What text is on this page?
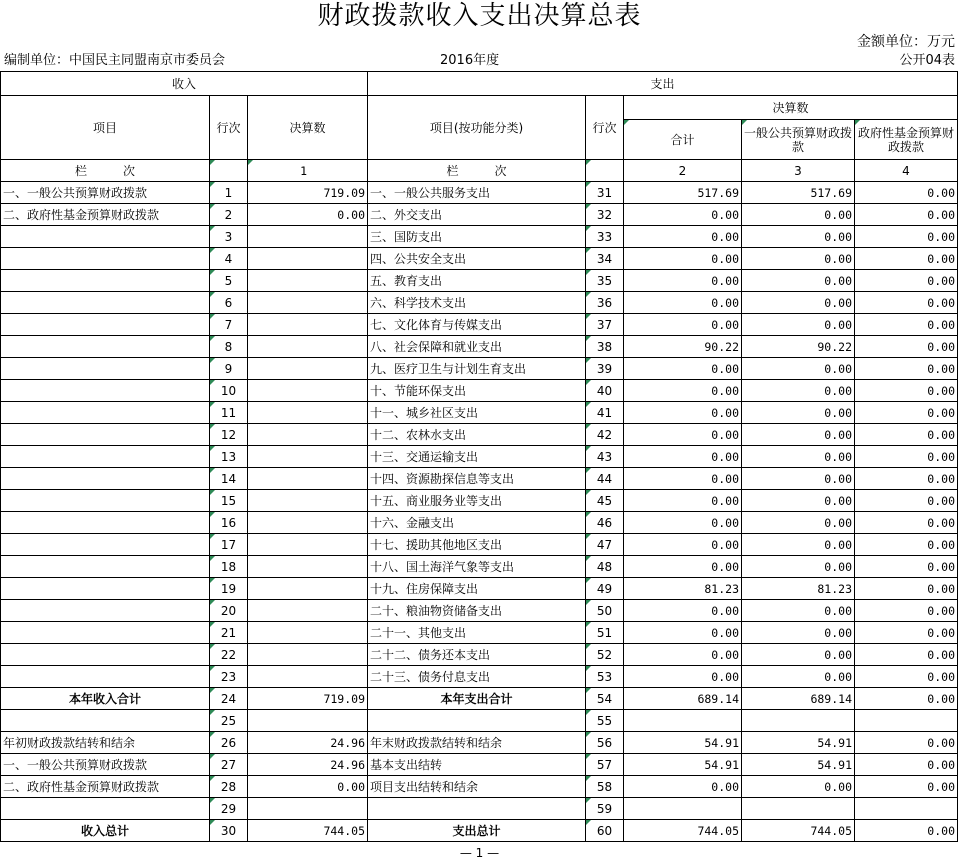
财政拨款收入支出决算总表
金额单位：万元
编制单位：中国民主同盟南京市委员会	2016年度	公开04表
收入			支出				
项目	行次	决算数	项目(按功能分类)	行次	决算数		
					合计	一般公共预算财政拨款	政府性基金预算财政拨款
栏　　　次		1	栏　　　次		2	3	4
一、一般公共预算财政拨款	1	719.09	一、一般公共服务支出	31	517.69	517.69	0.00
二、政府性基金预算财政拨款	2	0.00	二、外交支出	32	0.00	0.00	0.00
	3		三、国防支出	33	0.00	0.00	0.00
	4		四、公共安全支出	34	0.00	0.00	0.00
	5		五、教育支出	35	0.00	0.00	0.00
	6		六、科学技术支出	36	0.00	0.00	0.00
	7		七、文化体育与传媒支出	37	0.00	0.00	0.00
	8		八、社会保障和就业支出	38	90.22	90.22	0.00
	9		九、医疗卫生与计划生育支出	39	0.00	0.00	0.00
	10		十、节能环保支出	40	0.00	0.00	0.00
	11		十一、城乡社区支出	41	0.00	0.00	0.00
	12		十二、农林水支出	42	0.00	0.00	0.00
	13		十三、交通运输支出	43	0.00	0.00	0.00
	14		十四、资源勘探信息等支出	44	0.00	0.00	0.00
	15		十五、商业服务业等支出	45	0.00	0.00	0.00
	16		十六、金融支出	46	0.00	0.00	0.00
	17		十七、援助其他地区支出	47	0.00	0.00	0.00
	18		十八、国土海洋气象等支出	48	0.00	0.00	0.00
	19		十九、住房保障支出	49	81.23	81.23	0.00
	20		二十、粮油物资储备支出	50	0.00	0.00	0.00
	21		二十一、其他支出	51	0.00	0.00	0.00
	22		二十二、债务还本支出	52	0.00	0.00	0.00
	23		二十三、债务付息支出	53	0.00	0.00	0.00
本年收入合计	24	719.09	本年支出合计	54	689.14	689.14	0.00
	25			55			
年初财政拨款结转和结余	26	24.96	年末财政拨款结转和结余	56	54.91	54.91	0.00
一、一般公共预算财政拨款	27	24.96	基本支出结转	57	54.91	54.91	0.00
二、政府性基金预算财政拨款	28	0.00	项目支出结转和结余	58	0.00	0.00	0.00
	29			59			
收入总计	30	744.05	支出总计	60	744.05	744.05	0.00
— 1 —
